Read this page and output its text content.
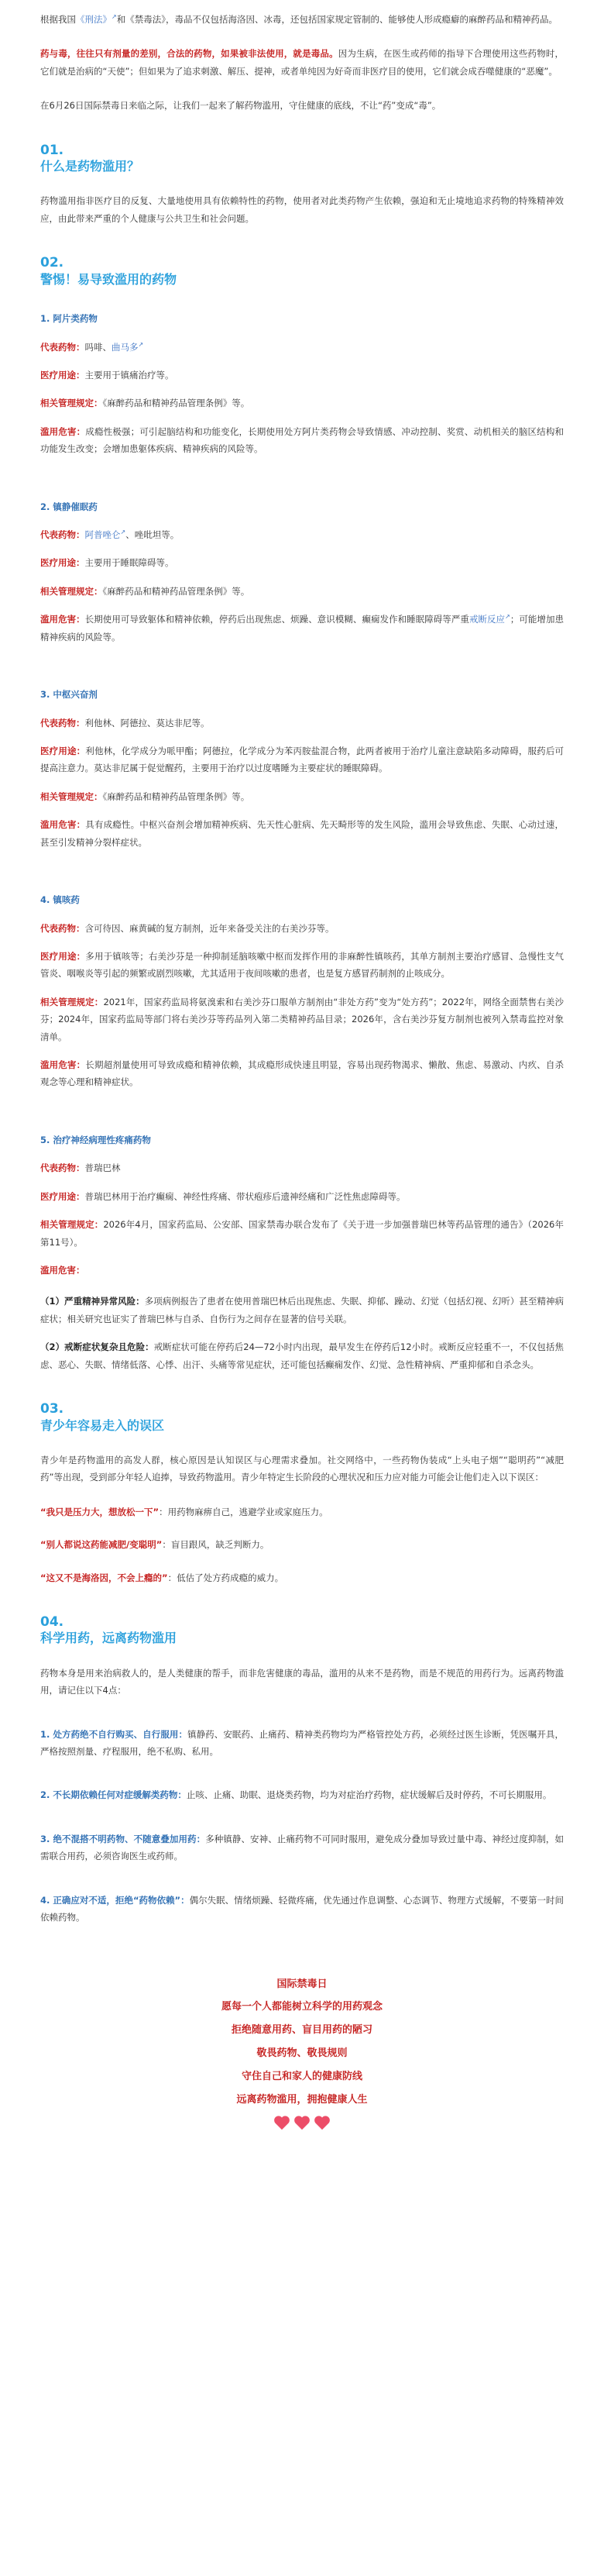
根据我国《刑法》↗和《禁毒法》，毒品不仅包括海洛因、冰毒，还包括国家规定管制的、能够使人形成瘾癖的麻醉药品和精神药品。

药与毒，往往只有剂量的差别，合法的药物，如果被非法使用，就是毒品。因为生病，在医生或药师的指导下合理使用这些药物时，它们就是治病的“天使”；但如果为了追求刺激、解压、提神，或者单纯因为好奇而非医疗目的使用，它们就会成吞噬健康的“恶魔”。

在6月26日国际禁毒日来临之际，让我们一起来了解药物滥用，守住健康的底线，不让“药”变成“毒”。

01.
什么是药物滥用？

药物滥用指非医疗目的反复、大量地使用具有依赖特性的药物，使用者对此类药物产生依赖，强迫和无止境地追求药物的特殊精神效应，由此带来严重的个人健康与公共卫生和社会问题。

02.
警惕！易导致滥用的药物
1. 阿片类药物

代表药物：吗啡、曲马多↗

医疗用途：主要用于镇痛治疗等。

相关管理规定：《麻醉药品和精神药品管理条例》等。

滥用危害：成瘾性极强；可引起脑结构和功能变化，长期使用处方阿片类药物会导致情感、冲动控制、奖赏、动机相关的脑区结构和功能发生改变；会增加患躯体疾病、精神疾病的风险等。

2. 镇静催眠药

代表药物：阿普唑仑↗、唑吡坦等。

医疗用途：主要用于睡眠障碍等。

相关管理规定：《麻醉药品和精神药品管理条例》等。

滥用危害：长期使用可导致躯体和精神依赖，停药后出现焦虑、烦躁、意识模糊、癫痫发作和睡眠障碍等严重戒断反应↗；可能增加患精神疾病的风险等。

3. 中枢兴奋剂

代表药物：利他林、阿德拉、莫达非尼等。

医疗用途：利他林，化学成分为哌甲酯；阿德拉，化学成分为苯丙胺盐混合物，此两者被用于治疗儿童注意缺陷多动障碍，服药后可提高注意力。莫达非尼属于促觉醒药，主要用于治疗以过度嗜睡为主要症状的睡眠障碍。

相关管理规定：《麻醉药品和精神药品管理条例》等。

滥用危害：具有成瘾性。中枢兴奋剂会增加精神疾病、先天性心脏病、先天畸形等的发生风险，滥用会导致焦虑、失眠、心动过速，甚至引发精神分裂样症状。

4. 镇咳药

代表药物：含可待因、麻黄碱的复方制剂，近年来备受关注的右美沙芬等。

医疗用途：多用于镇咳等；右美沙芬是一种抑制延脑咳嗽中枢而发挥作用的非麻醉性镇咳药，其单方制剂主要治疗感冒、急慢性支气管炎、咽喉炎等引起的频繁或剧烈咳嗽，尤其适用于夜间咳嗽的患者，也是复方感冒药制剂的止咳成分。

相关管理规定：2021年，国家药监局将氨溴索和右美沙芬口服单方制剂由“非处方药”变为“处方药”；2022年，网络全面禁售右美沙芬；2024年，国家药监局等部门将右美沙芬等药品列入第二类精神药品目录；2026年，含右美沙芬复方制剂也被列入禁毒监控对象清单。

滥用危害：长期超剂量使用可导致成瘾和精神依赖，其成瘾形成快速且明显，容易出现药物渴求、懒散、焦虑、易激动、内疚、自杀观念等心理和精神症状。

5. 治疗神经病理性疼痛药物

代表药物：普瑞巴林

医疗用途：普瑞巴林用于治疗癫痫、神经性疼痛、带状疱疹后遗神经痛和广泛性焦虑障碍等。

相关管理规定：2026年4月，国家药监局、公安部、国家禁毒办联合发布了《关于进一步加强普瑞巴林等药品管理的通告》（2026年第11号）。

滥用危害：

（1）严重精神异常风险：多项病例报告了患者在使用普瑞巴林后出现焦虑、失眠、抑郁、躁动、幻觉（包括幻视、幻听）甚至精神病症状；相关研究也证实了普瑞巴林与自杀、自伤行为之间存在显著的信号关联。

（2）戒断症状复杂且危险：戒断症状可能在停药后24—72小时内出现，最早发生在停药后12小时。戒断反应轻重不一，不仅包括焦虑、恶心、失眠、情绪低落、心悸、出汗、头痛等常见症状，还可能包括癫痫发作、幻觉、急性精神病、严重抑郁和自杀念头。

03.
青少年容易走入的误区

青少年是药物滥用的高发人群，核心原因是认知误区与心理需求叠加。社交网络中，一些药物伪装成“上头电子烟”“聪明药”“减肥药”等出现，受到部分年轻人追捧，导致药物滥用。青少年特定生长阶段的心理状况和压力应对能力可能会让他们走入以下误区：

“我只是压力大，想放松一下”：用药物麻痹自己，逃避学业或家庭压力。

“别人都说这药能减肥/变聪明”：盲目跟风，缺乏判断力。

“这又不是海洛因，不会上瘾的”：低估了处方药成瘾的威力。

04.
科学用药，远离药物滥用

药物本身是用来治病救人的，是人类健康的帮手，而非危害健康的毒品，滥用的从来不是药物，而是不规范的用药行为。远离药物滥用，请记住以下4点：

1. 处方药绝不自行购买、自行服用：镇静药、安眠药、止痛药、精神类药物均为严格管控处方药，必须经过医生诊断，凭医嘱开具，严格按照剂量、疗程服用，绝不私购、私用。

2. 不长期依赖任何对症缓解类药物：止咳、止痛、助眠、退烧类药物，均为对症治疗药物，症状缓解后及时停药，不可长期服用。

3. 绝不混搭不明药物、不随意叠加用药：多种镇静、安神、止痛药物不可同时服用，避免成分叠加导致过量中毒、神经过度抑制，如需联合用药，必须咨询医生或药师。

4. 正确应对不适，拒绝“药物依赖”：偶尔失眠、情绪烦躁、轻微疼痛，优先通过作息调整、心态调节、物理方式缓解，不要第一时间依赖药物。

国际禁毒日

愿每一个人都能树立科学的用药观念

拒绝随意用药、盲目用药的陋习

敬畏药物、敬畏规则

守住自己和家人的健康防线

远离药物滥用，拥抱健康人生
